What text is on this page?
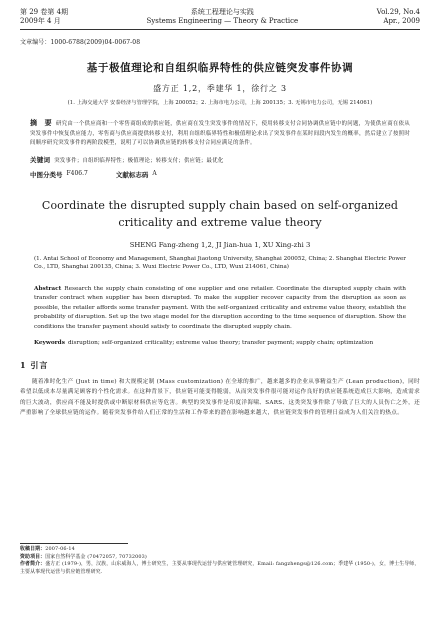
第 29 卷第 4期
2009年 4 月
系统工程理论与实践
Systems Engineering — Theory & Practice
Vol.29, No.4
Apr., 2009
文章编号：1000-6788(2009)04-0067-08
基于极值理论和自组织临界特性的供应链突发事件协调
盛方正 1,2，季建华 1，徐行之 3
(1. 上海交通大学 安泰经济与管理学院，上海 200052；2. 上海市电力公司，上海 200135；3. 无锡市电力公司，无锡 214061)
摘　要 研究由一个供应商和一个零售商组成的供应链，供应商在发生突发事件的情况下，使用转移支付合同协调供应链中的问题，为使供应商在依从突发事件中恢复供应能力，零售商与供应商提供转移支付，利用自组织临界特性和极值理论求出了突发事件在某时间段内发生的概率，然后建立了按照时间顺序研究突发事件的两阶段模型，说明了可以协调供应链的转移支付合同应满足的条件。
关键词 突发事件；自组织临界特性；极值理论；转移支付；供应链；最优化
中图分类号 F406.7	文献标志码 A
Coordinate the disrupted supply chain based on self-organized criticality and extreme value theory
SHENG Fang-zheng 1,2, JI Jian-hua 1, XU Xing-zhi 3
(1. Antai School of Economy and Management, Shanghai Jiaotong University, Shanghai 200052, China; 2. Shanghai Electric Power Co., LTD, Shanghai 200135, China; 3. Wuxi Electric Power Co., LTD, Wuxi 214061, China)
Abstract Research the supply chain consisting of one supplier and one retailer. Coordinate the disrupted supply chain with transfer contract when supplier has been disrupted. To make the supplier recover capacity from the disruption as soon as possible, the retailer affords some transfer payment. With the self-organized criticality and extreme value theory, establish the probability of disruption. Set up the two stage model for the disruption according to the time sequence of disruption. Show the conditions the transfer payment should satisfy to coordinate the disrupted supply chain.
Keywords disruption; self-organized criticality; extreme value theory; transfer payment; supply chain; optimization
1 引言
随着准时化生产 (Just in time) 和大规模定制 (Mass customization) 在全球的推广，越来越多的企业从事精益生产 (Lean production)，同时希望以低成本尽量满足顾客的个性化需求。在这种背景下，供应链可能变得脆弱，从而突发事件很可能对运作良好的供应链系统造成巨大影响，造成需求的巨大波动，供应商不能及时提供或中断原材料供应等危害。典型的突发事件是印度洋海啸、SARS、这类突发事件除了导致了巨大的人员伤亡之外，还严重影响了全球供应链的运作。随着突发事件给人们正常的生活和工作带来的潜在影响越来越大，供应链突发事件的管理日益成为人们关注的热点。
收稿日期：2007-06-14
资助项目：国家自然科学基金 (70472057, 70732003)
作者简介：盛方正 (1979-)，男，汉族，山东威海人，博士研究生，主要从事现代运营与供应链管理研究，Email: fangzhengs@126.com；季建华 (1950-)，女，博士生导师，主要从事现代运营与供应链管理研究.
